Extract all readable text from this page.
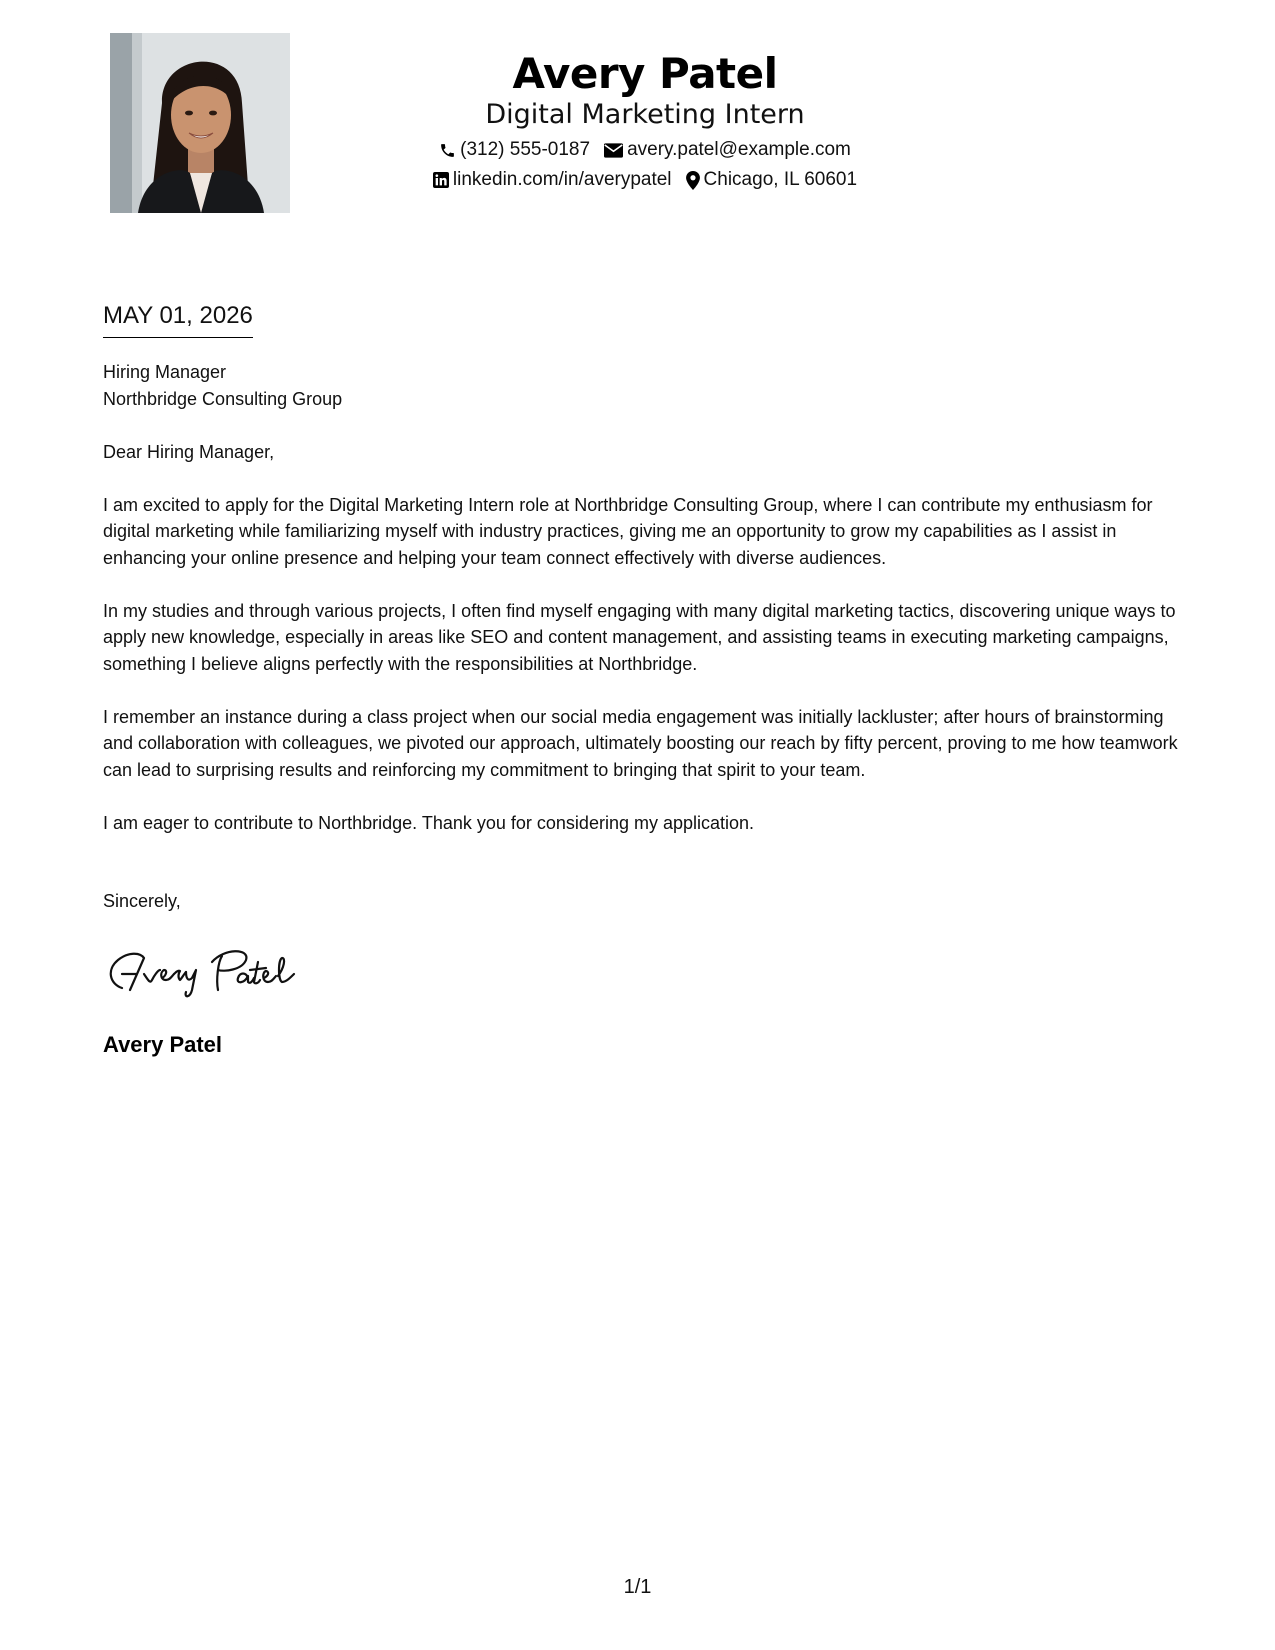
Avery Patel
Digital Marketing Intern
(312) 555-0187 avery.patel@example.com
linkedin.com/in/averypatel Chicago, IL 60601
MAY 01, 2026

Hiring Manager

Northbridge Consulting Group

Dear Hiring Manager,

I am excited to apply for the Digital Marketing Intern role at Northbridge Consulting Group, where I can contribute my enthusiasm for digital marketing while familiarizing myself with industry practices, giving me an opportunity to grow my capabilities as I assist in enhancing your online presence and helping your team connect effectively with diverse audiences.

In my studies and through various projects, I often find myself engaging with many digital marketing tactics, discovering unique ways to apply new knowledge, especially in areas like SEO and content management, and assisting teams in executing marketing campaigns, something I believe aligns perfectly with the responsibilities at Northbridge.

I remember an instance during a class project when our social media engagement was initially lackluster; after hours of brainstorming and collaboration with colleagues, we pivoted our approach, ultimately boosting our reach by fifty percent, proving to me how teamwork can lead to surprising results and reinforcing my commitment to bringing that spirit to your team.

I am eager to contribute to Northbridge. Thank you for considering my application.

Sincerely,
Avery Patel
1/1
